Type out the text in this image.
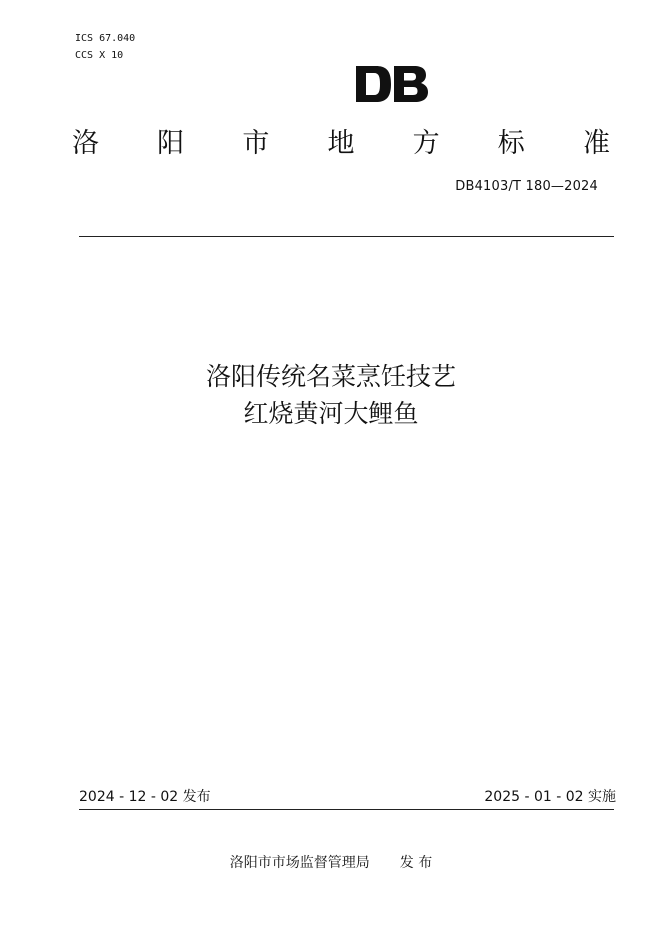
ICS 67.040
CCS X 10
洛 阳 市 地 方 标 准
DB4103/T 180—2024
洛阳传统名菜烹饪技艺
红烧黄河大鲤鱼
2024 - 12 - 02 发布	2025 - 01 - 02 实施
洛阳市市场监督管理局 发 布
